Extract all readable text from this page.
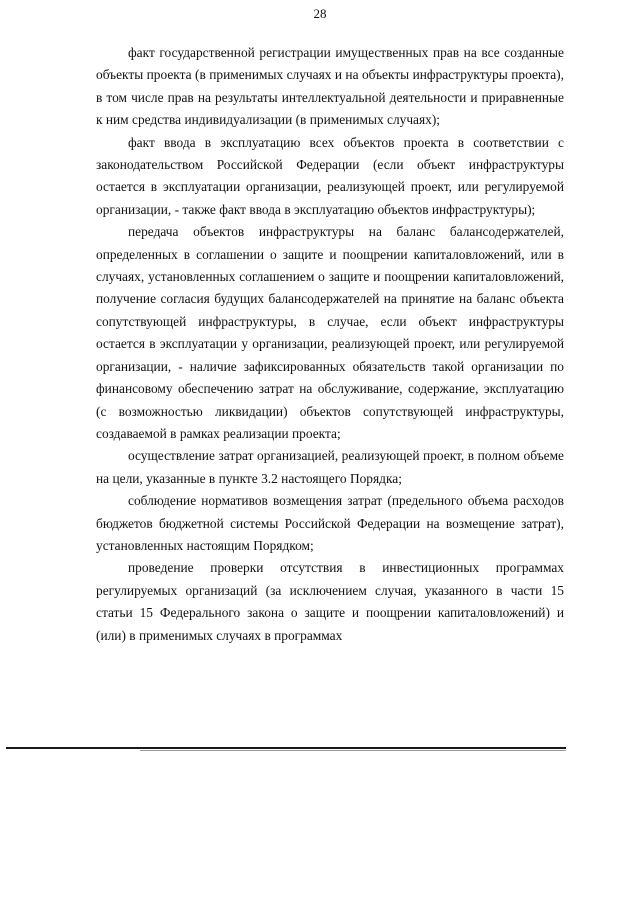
28

факт государственной регистрации имущественных прав на все созданные объекты проекта (в применимых случаях и на объекты инфраструктуры проекта), в том числе прав на результаты интеллектуальной деятельности и приравненные к ним средства индивидуализации (в применимых случаях);

факт ввода в эксплуатацию всех объектов проекта в соответствии с законодательством Российской Федерации (если объект инфраструктуры остается в эксплуатации организации, реализующей проект, или регулируемой организации, - также факт ввода в эксплуатацию объектов инфраструктуры);

передача объектов инфраструктуры на баланс балансодержателей, определенных в соглашении о защите и поощрении капиталовложений, или в случаях, установленных соглашением о защите и поощрении капиталовложений, получение согласия будущих балансодержателей на принятие на баланс объекта сопутствующей инфраструктуры, в случае, если объект инфраструктуры остается в эксплуатации у организации, реализующей проект, или регулируемой организации, - наличие зафиксированных обязательств такой организации по финансовому обеспечению затрат на обслуживание, содержание, эксплуатацию (с возможностью ликвидации) объектов сопутствующей инфраструктуры, создаваемой в рамках реализации проекта;

осуществление затрат организацией, реализующей проект, в полном объеме на цели, указанные в пункте 3.2 настоящего Порядка;

соблюдение нормативов возмещения затрат (предельного объема расходов бюджетов бюджетной системы Российской Федерации на возмещение затрат), установленных настоящим Порядком;

проведение проверки отсутствия в инвестиционных программах регулируемых организаций (за исключением случая, указанного в части 15 статьи 15 Федерального закона о защите и поощрении капиталовложений) и (или) в применимых случаях в программах
